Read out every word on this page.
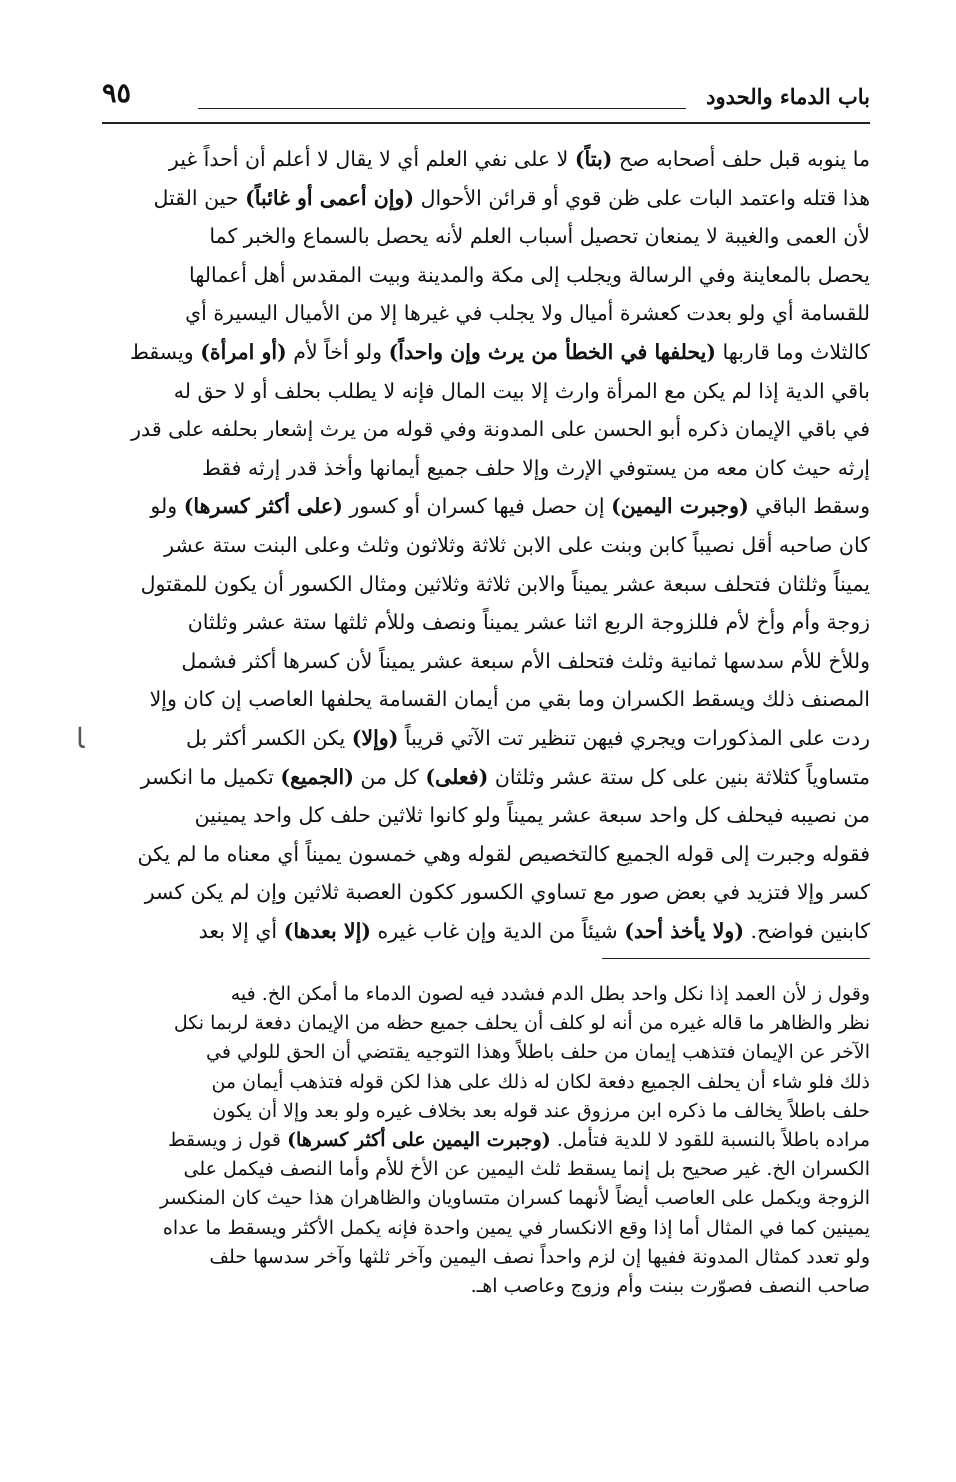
باب الدماء والحدود
٩٥
ما ينوبه قبل حلف أصحابه صح (بتاً) لا على نفي العلم أي لا يقال لا أعلم أن أحداً غير
هذا قتله واعتمد البات على ظن قوي أو قرائن الأحوال (وإن أعمى أو غائباً) حين القتل
لأن العمى والغيبة لا يمنعان تحصيل أسباب العلم لأنه يحصل بالسماع والخبر كما
يحصل بالمعاينة وفي الرسالة ويجلب إلى مكة والمدينة وبيت المقدس أهل أعمالها
للقسامة أي ولو بعدت كعشرة أميال ولا يجلب في غيرها إلا من الأميال اليسيرة أي
كالثلاث وما قاربها (يحلفها في الخطأ من يرث وإن واحداً) ولو أخاً لأم (أو امرأة) ويسقط
باقي الدية إذا لم يكن مع المرأة وارث إلا بيت المال فإنه لا يطلب بحلف أو لا حق له
في باقي الإيمان ذكره أبو الحسن على المدونة وفي قوله من يرث إشعار بحلفه على قدر
إرثه حيث كان معه من يستوفي الإرث وإلا حلف جميع أيمانها وأخذ قدر إرثه فقط
وسقط الباقي (وجبرت اليمين) إن حصل فيها كسران أو كسور (على أكثر كسرها) ولو
كان صاحبه أقل نصيباً كابن وبنت على الابن ثلاثة وثلاثون وثلث وعلى البنت ستة عشر
يميناً وثلثان فتحلف سبعة عشر يميناً والابن ثلاثة وثلاثين ومثال الكسور أن يكون للمقتول
زوجة وأم وأخ لأم فللزوجة الربع اثنا عشر يميناً ونصف وللأم ثلثها ستة عشر وثلثان
وللأخ للأم سدسها ثمانية وثلث فتحلف الأم سبعة عشر يميناً لأن كسرها أكثر فشمل
المصنف ذلك ويسقط الكسران وما بقي من أيمان القسامة يحلفها العاصب إن كان وإلا
ردت على المذكورات ويجري فيهن تنظير تت الآتي قريباً (وإلا) يكن الكسر أكثر بل
متساوياً كثلاثة بنين على كل ستة عشر وثلثان (فعلى) كل من (الجميع) تكميل ما انكسر
من نصيبه فيحلف كل واحد سبعة عشر يميناً ولو كانوا ثلاثين حلف كل واحد يمينين
فقوله وجبرت إلى قوله الجميع كالتخصيص لقوله وهي خمسون يميناً أي معناه ما لم يكن
كسر وإلا فتزيد في بعض صور مع تساوي الكسور ككون العصبة ثلاثين وإن لم يكن كسر
كابنين فواضح. (ولا يأخذ أحد) شيئاً من الدية وإن غاب غيره (إلا بعدها) أي إلا بعد
وقول ز لأن العمد إذا نكل واحد بطل الدم فشدد فيه لصون الدماء ما أمكن الخ. فيه
نظر والظاهر ما قاله غيره من أنه لو كلف أن يحلف جميع حظه من الإيمان دفعة لربما نكل
الآخر عن الإيمان فتذهب إيمان من حلف باطلاً وهذا التوجيه يقتضي أن الحق للولي في
ذلك فلو شاء أن يحلف الجميع دفعة لكان له ذلك على هذا لكن قوله فتذهب أيمان من
حلف باطلاً يخالف ما ذكره ابن مرزوق عند قوله بعد بخلاف غيره ولو بعد وإلا أن يكون
مراده باطلاً بالنسبة للقود لا للدية فتأمل. (وجبرت اليمين على أكثر كسرها) قول ز ويسقط
الكسران الخ. غير صحيح بل إنما يسقط ثلث اليمين عن الأخ للأم وأما النصف فيكمل على
الزوجة ويكمل على العاصب أيضاً لأنهما كسران متساويان والظاهران هذا حيث كان المنكسر
يمينين كما في المثال أما إذا وقع الانكسار في يمين واحدة فإنه يكمل الأكثر ويسقط ما عداه
ولو تعدد كمثال المدونة ففيها إن لزم واحداً نصف اليمين وآخر ثلثها وآخر سدسها حلف
صاحب النصف فصوّرت ببنت وأم وزوج وعاصب اهـ.
ﺎ
